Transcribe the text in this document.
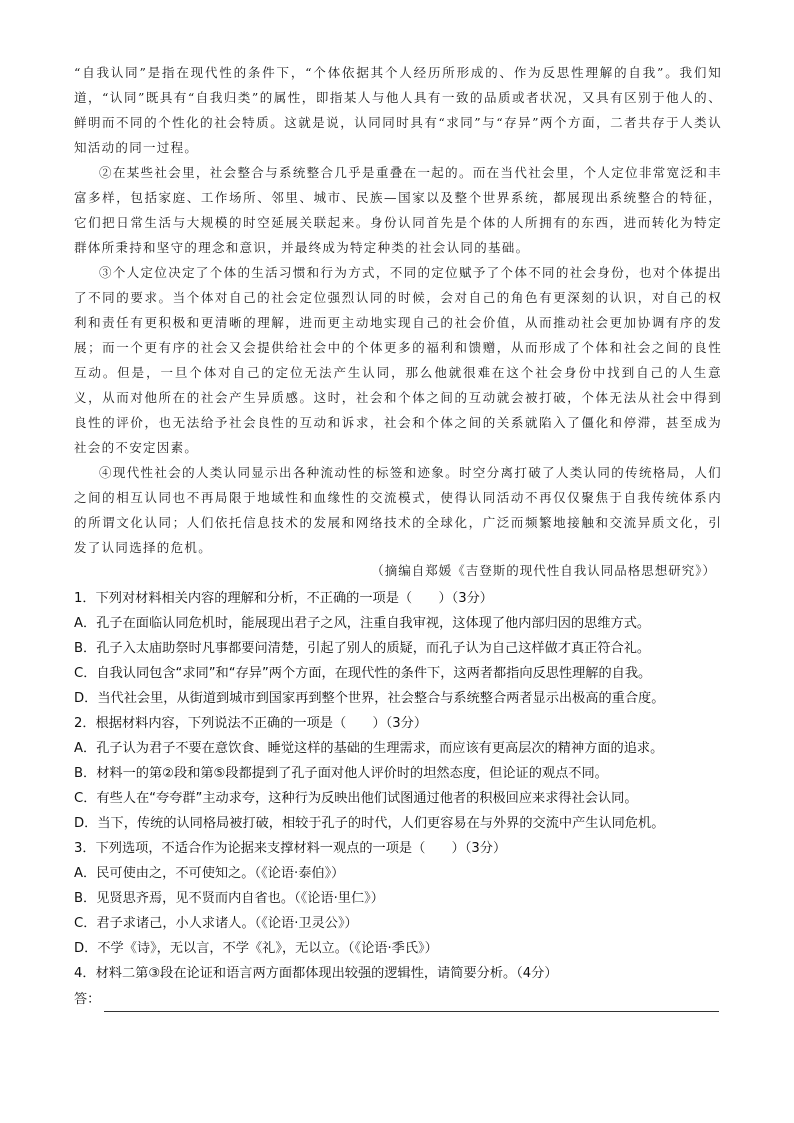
“自我认同”是指在现代性的条件下，“个体依据其个人经历所形成的、作为反思性理解的自我”。我们知道，“认同”既具有“自我归类”的属性，即指某人与他人具有一致的品质或者状况，又具有区别于他人的、鲜明而不同的个性化的社会特质。这就是说，认同同时具有“求同”与“存异”两个方面，二者共存于人类认知活动的同一过程。

②在某些社会里，社会整合与系统整合几乎是重叠在一起的。而在当代社会里，个人定位非常宽泛和丰富多样，包括家庭、工作场所、邻里、城市、民族—国家以及整个世界系统，都展现出系统整合的特征，它们把日常生活与大规模的时空延展关联起来。身份认同首先是个体的人所拥有的东西，进而转化为特定群体所秉持和坚守的理念和意识，并最终成为特定种类的社会认同的基础。

③个人定位决定了个体的生活习惯和行为方式，不同的定位赋予了个体不同的社会身份，也对个体提出了不同的要求。当个体对自己的社会定位强烈认同的时候，会对自己的角色有更深刻的认识，对自己的权利和责任有更积极和更清晰的理解，进而更主动地实现自己的社会价值，从而推动社会更加协调有序的发展；而一个更有序的社会又会提供给社会中的个体更多的福利和馈赠，从而形成了个体和社会之间的良性互动。但是，一旦个体对自己的定位无法产生认同，那么他就很难在这个社会身份中找到自己的人生意义，从而对他所在的社会产生异质感。这时，社会和个体之间的互动就会被打破，个体无法从社会中得到良性的评价，也无法给予社会良性的互动和诉求，社会和个体之间的关系就陷入了僵化和停滞，甚至成为社会的不安定因素。

④现代性社会的人类认同显示出各种流动性的标签和迹象。时空分离打破了人类认同的传统格局，人们之间的相互认同也不再局限于地域性和血缘性的交流模式，使得认同活动不再仅仅聚焦于自我传统体系内的所谓文化认同；人们依托信息技术的发展和网络技术的全球化，广泛而频繁地接触和交流异质文化，引发了认同选择的危机。

（摘编自郑媛《吉登斯的现代性自我认同品格思想研究》）
1．下列对材料相关内容的理解和分析，不正确的一项是（　　）（3分）
A．孔子在面临认同危机时，能展现出君子之风，注重自我审视，这体现了他内部归因的思维方式。
B．孔子入太庙助祭时凡事都要问清楚，引起了别人的质疑，而孔子认为自己这样做才真正符合礼。
C．自我认同包含“求同”和“存异”两个方面，在现代性的条件下，这两者都指向反思性理解的自我。
D．当代社会里，从街道到城市到国家再到整个世界，社会整合与系统整合两者显示出极高的重合度。
2．根据材料内容，下列说法不正确的一项是（　　）（3分）
A．孔子认为君子不要在意饮食、睡觉这样的基础的生理需求，而应该有更高层次的精神方面的追求。
B．材料一的第②段和第⑤段都提到了孔子面对他人评价时的坦然态度，但论证的观点不同。
C．有些人在“夸夸群”主动求夸，这种行为反映出他们试图通过他者的积极回应来求得社会认同。
D．当下，传统的认同格局被打破，相较于孔子的时代，人们更容易在与外界的交流中产生认同危机。
3．下列选项，不适合作为论据来支撑材料一观点的一项是（　　）（3分）
A．民可使由之，不可使知之。（《论语·泰伯》）
B．见贤思齐焉，见不贤而内自省也。（《论语·里仁》）
C．君子求诸己，小人求诸人。（《论语·卫灵公》）
D．不学《诗》，无以言，不学《礼》，无以立。（《论语·季氏》）
4．材料二第③段在论证和语言两方面都体现出较强的逻辑性，请简要分析。（4分）
答：
